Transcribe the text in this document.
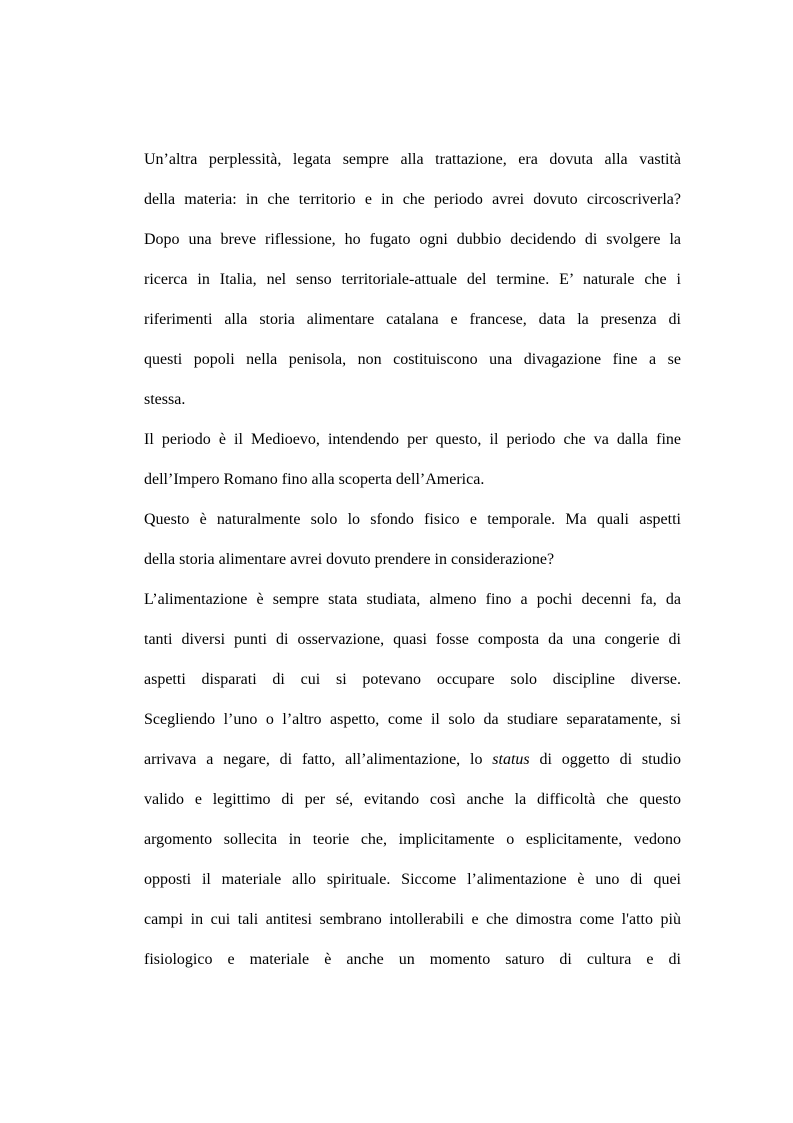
Un’altra perplessità, legata sempre alla trattazione, era dovuta alla vastità
della materia: in che territorio e in che periodo avrei dovuto circoscriverla?
Dopo una breve riflessione, ho fugato ogni dubbio decidendo di svolgere la
ricerca in Italia, nel senso territoriale-attuale del termine. E’ naturale che i
riferimenti alla storia alimentare catalana e francese, data la presenza di
questi popoli nella penisola, non costituiscono una divagazione fine a se
stessa.
Il periodo è il Medioevo, intendendo per questo, il periodo che va dalla fine
dell’Impero Romano fino alla scoperta dell’America.
Questo è naturalmente solo lo sfondo fisico e temporale. Ma quali aspetti
della storia alimentare avrei dovuto prendere in considerazione?
L’alimentazione è sempre stata studiata, almeno fino a pochi decenni fa, da
tanti diversi punti di osservazione, quasi fosse composta da una congerie di
aspetti disparati di cui si potevano occupare solo discipline diverse.
Scegliendo l’uno o l’altro aspetto, come il solo da studiare separatamente, si
arrivava a negare, di fatto, all’alimentazione, lo status di oggetto di studio
valido e legittimo di per sé, evitando così anche la difficoltà che questo
argomento sollecita in teorie che, implicitamente o esplicitamente, vedono
opposti il materiale allo spirituale. Siccome l’alimentazione è uno di quei
campi in cui tali antitesi sembrano intollerabili e che dimostra come l'atto più
fisiologico e materiale è anche un momento saturo di cultura e di
